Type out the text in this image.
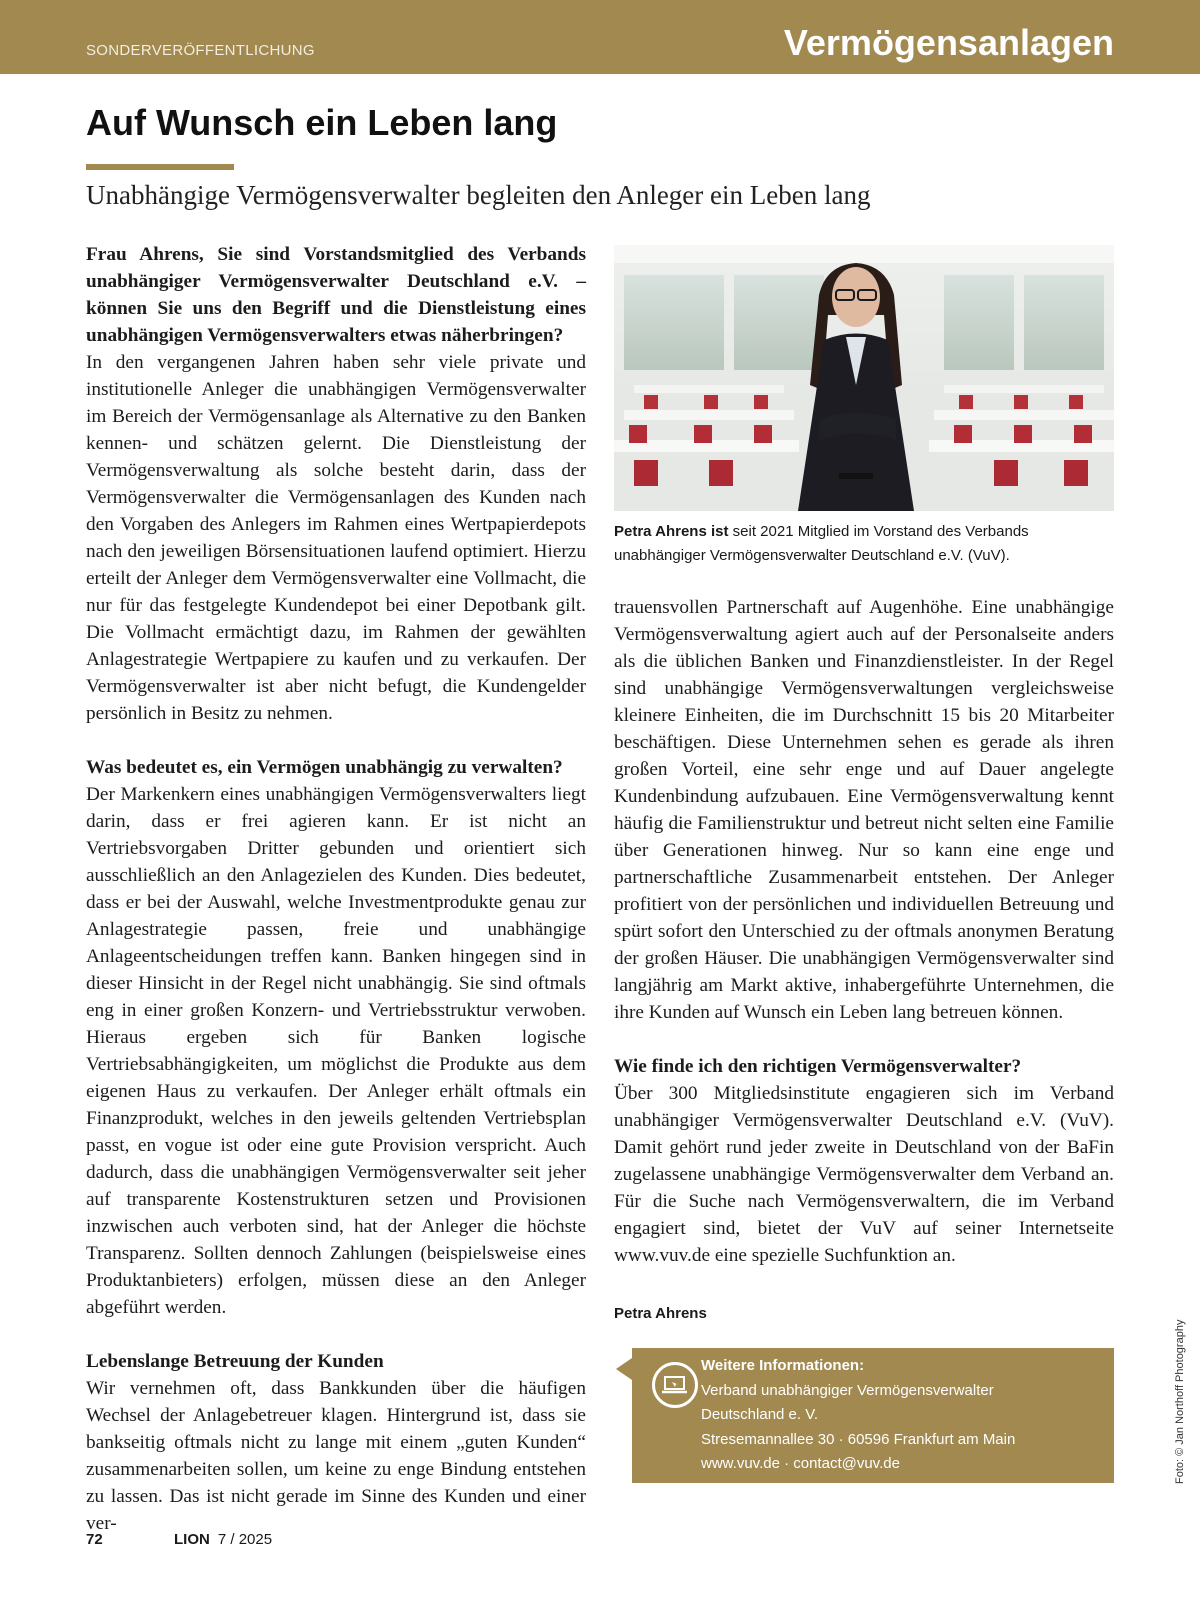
SONDERVERÖFFENTLICHUNG	Vermögensanlagen
Auf Wunsch ein Leben lang
Unabhängige Vermögensverwalter begleiten den Anleger ein Leben lang

Frau Ahrens, Sie sind Vorstandsmitglied des Verbands unabhängiger Vermögensverwalter Deutschland e.V. – können Sie uns den Begriff und die Dienstleistung eines unabhängigen Vermögensverwalters etwas näherbringen?

In den vergangenen Jahren haben sehr viele private und institutionelle Anleger die unabhängigen Vermögensverwalter im Bereich der Vermögensanlage als Alternative zu den Banken kennen- und schätzen gelernt. Die Dienstleistung der Vermögensverwaltung als solche besteht darin, dass der Vermögensverwalter die Vermögensanlagen des Kunden nach den Vorgaben des Anlegers im Rahmen eines Wertpapierdepots nach den jeweiligen Börsensituationen laufend optimiert. Hierzu erteilt der Anleger dem Vermögensverwalter eine Vollmacht, die nur für das festgelegte Kundendepot bei einer Depotbank gilt. Die Vollmacht ermächtigt dazu, im Rahmen der gewählten Anlagestrategie Wertpapiere zu kaufen und zu verkaufen. Der Vermögensverwalter ist aber nicht befugt, die Kundengelder persönlich in Besitz zu nehmen.

Was bedeutet es, ein Vermögen unabhängig zu verwalten?

Der Markenkern eines unabhängigen Vermögensverwalters liegt darin, dass er frei agieren kann. Er ist nicht an Vertriebsvorgaben Dritter gebunden und orientiert sich ausschließlich an den Anlagezielen des Kunden. Dies bedeutet, dass er bei der Auswahl, welche Investmentprodukte genau zur Anlagestrategie passen, freie und unabhängige Anlageentscheidungen treffen kann. Banken hingegen sind in dieser Hinsicht in der Regel nicht unabhängig. Sie sind oftmals eng in einer großen Konzern- und Vertriebsstruktur verwoben. Hieraus ergeben sich für Banken logische Vertriebsabhängigkeiten, um möglichst die Produkte aus dem eigenen Haus zu verkaufen. Der Anleger erhält oftmals ein Finanzprodukt, welches in den jeweils geltenden Vertriebsplan passt, en vogue ist oder eine gute Provision verspricht. Auch dadurch, dass die unabhängigen Vermögensverwalter seit jeher auf transparente Kostenstrukturen setzen und Provisionen inzwischen auch verboten sind, hat der Anleger die höchste Transparenz. Sollten dennoch Zahlungen (beispielsweise eines Produktanbieters) erfolgen, müssen diese an den Anleger abgeführt werden.

Lebenslange Betreuung der Kunden

Wir vernehmen oft, dass Bankkunden über die häufigen Wechsel der Anlagebetreuer klagen. Hintergrund ist, dass sie bankseitig oftmals nicht zu lange mit einem „guten Kunden“ zusammenarbeiten sollen, um keine zu enge Bindung entstehen zu lassen. Das ist nicht gerade im Sinne des Kunden und einer ver-

Petra Ahrens ist seit 2021 Mitglied im Vorstand des Verbands unabhängiger Vermögensverwalter Deutschland e.V. (VuV).

trauensvollen Partnerschaft auf Augenhöhe. Eine unabhängige Vermögensverwaltung agiert auch auf der Personalseite anders als die üblichen Banken und Finanzdienstleister. In der Regel sind unabhängige Vermögensverwaltungen vergleichsweise kleinere Einheiten, die im Durchschnitt 15 bis 20 Mitarbeiter beschäftigen. Diese Unternehmen sehen es gerade als ihren großen Vorteil, eine sehr enge und auf Dauer angelegte Kundenbindung aufzubauen. Eine Vermögensverwaltung kennt häufig die Familienstruktur und betreut nicht selten eine Familie über Generationen hinweg. Nur so kann eine enge und partnerschaftliche Zusammenarbeit entstehen. Der Anleger profitiert von der persönlichen und individuellen Betreuung und spürt sofort den Unterschied zu der oftmals anonymen Beratung der großen Häuser. Die unabhängigen Vermögensverwalter sind langjährig am Markt aktive, inhabergeführte Unternehmen, die ihre Kunden auf Wunsch ein Leben lang betreuen können.

Wie finde ich den richtigen Vermögensverwalter?

Über 300 Mitgliedsinstitute engagieren sich im Verband unabhängiger Vermögensverwalter Deutschland e.V. (VuV). Damit gehört rund jeder zweite in Deutschland von der BaFin zugelassene unabhängige Vermögensverwalter dem Verband an. Für die Suche nach Vermögensverwaltern, die im Verband engagiert sind, bietet der VuV auf seiner Internetseite www.vuv.de eine spezielle Suchfunktion an.

Petra Ahrens
Weitere Informationen:
Verband unabhängiger Vermögensverwalter
Deutschland e. V.
Stresemannallee 30 · 60596 Frankfurt am Main
www.vuv.de · contact@vuv.de	Foto: © Jan Northoff Photography
72	LION 7 / 2025
